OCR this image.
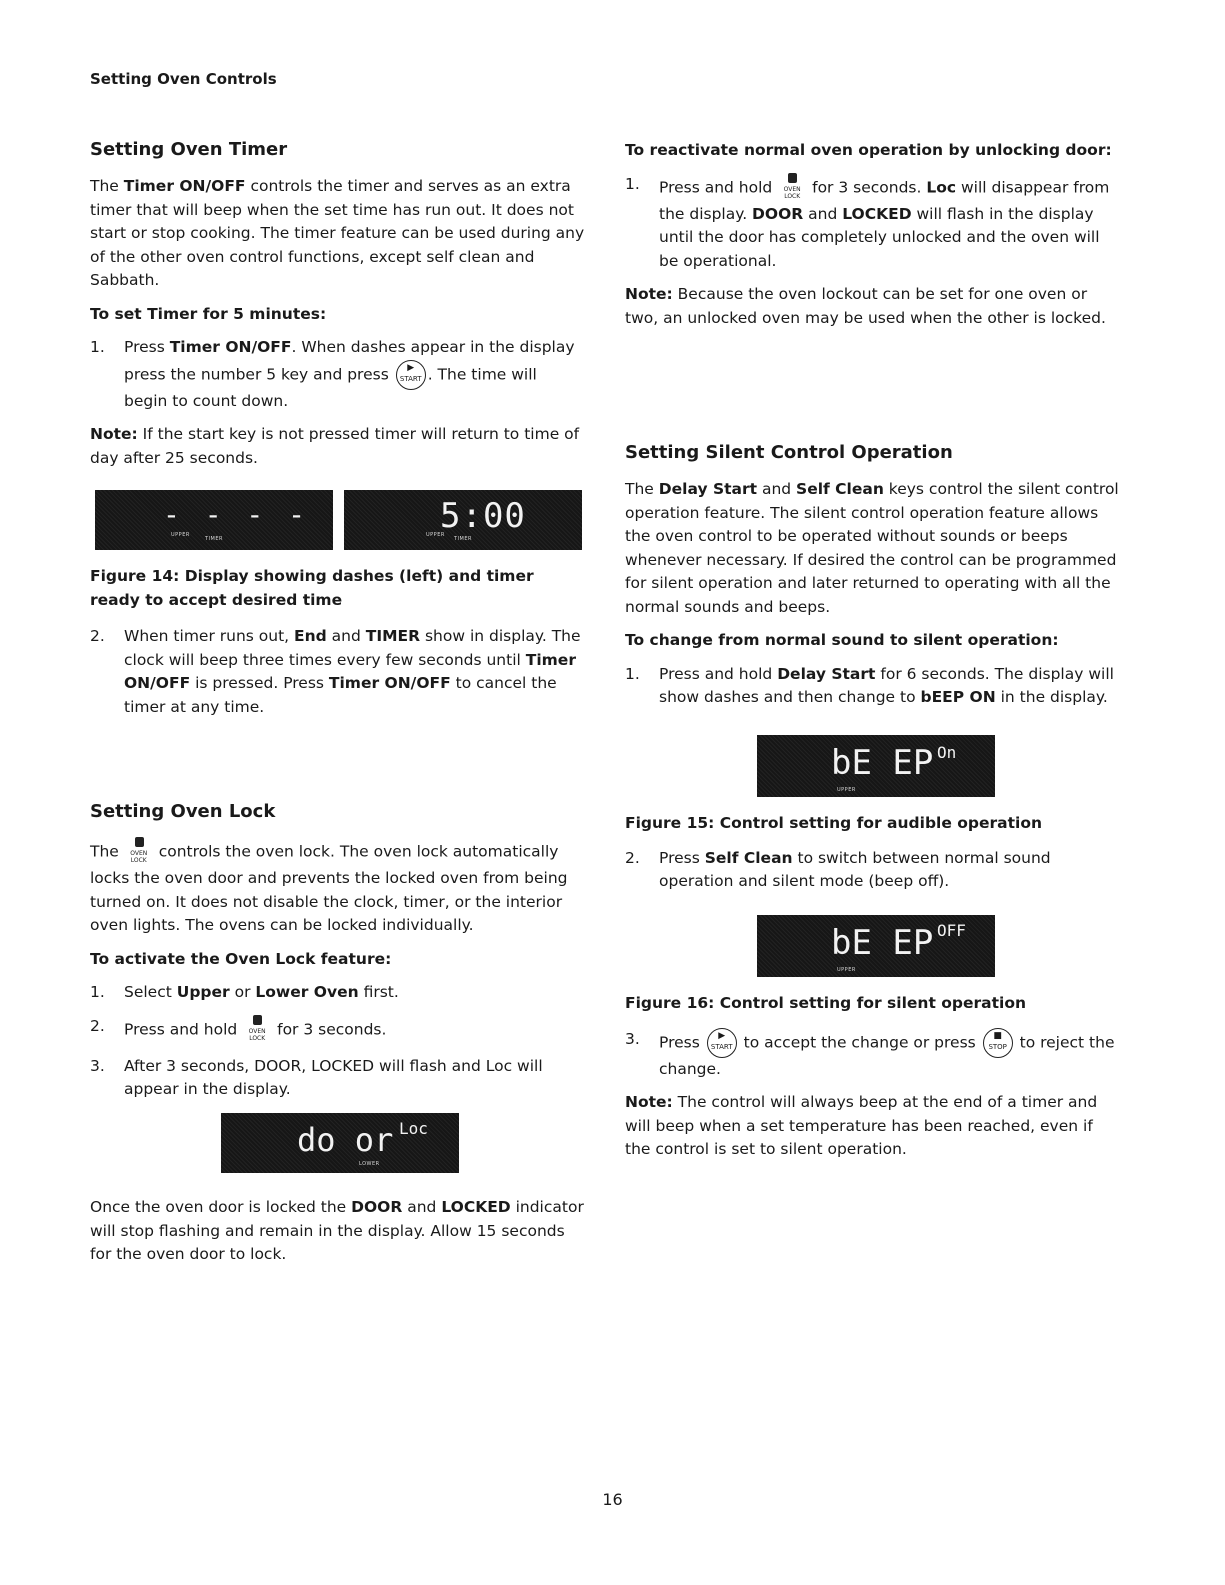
Setting Oven Controls
Setting Oven Timer

The Timer ON/OFF controls the timer and serves as an extra timer that will beep when the set time has run out. It does not start or stop cooking. The timer feature can be used during any of the other oven control functions, except self clean and Sabbath.

To set Timer for 5 minutes:

1.	Press Timer ON/OFF. When dashes appear in the display press the number 5 key and press	▶
START . The time will begin to count down.

Note: If the start key is not pressed timer will return to time of day after 25 seconds.

- - - -
UPPER
TIMER
5:00
UPPER
TIMER

Figure 14: Display showing dashes (left) and timer ready to accept desired time

2.	When timer runs out, End and TIMER show in display. The clock will beep three times every few seconds until Timer ON/OFF is pressed. Press Timer ON/OFF to cancel the timer at any time.
Setting Oven Lock

The	OVEN
LOCK controls the oven lock. The oven lock automatically locks the oven door and prevents the locked oven from being turned on. It does not disable the clock, timer, or the interior oven lights. The ovens can be locked individually.

To activate the Oven Lock feature:

1.	Select Upper or Lower Oven first.
2.	Press and hold	OVEN
LOCK for 3 seconds.
3.	After 3 seconds, DOOR, LOCKED will flash and Loc will appear in the display.
do or Loc
LOWER

Once the oven door is locked the DOOR and LOCKED indicator will stop flashing and remain in the display. Allow 15 seconds for the oven door to lock.

To reactivate normal oven operation by unlocking door:

1.	Press and hold	OVEN
LOCK for 3 seconds. Loc will disappear from the display. DOOR and LOCKED will flash in the display until the door has completely unlocked and the oven will be operational.

Note: Because the oven lockout can be set for one oven or two, an unlocked oven may be used when the other is locked.

Setting Silent Control Operation

The Delay Start and Self Clean keys control the silent control operation feature. The silent control operation feature allows the oven control to be operated without sounds or beeps whenever necessary. If desired the control can be programmed for silent operation and later returned to operating with all the normal sounds and beeps.

To change from normal sound to silent operation:

1.	Press and hold Delay Start for 6 seconds. The display will show dashes and then change to bEEP ON in the display.
bE EP On
UPPER

Figure 15: Control setting for audible operation

2.	Press Self Clean to switch between normal sound operation and silent mode (beep off).
bE EP OFF
UPPER

Figure 16: Control setting for silent operation

3.	Press	▶
START to accept the change or press	■
STOP to reject the change.

Note: The control will always beep at the end of a timer and will beep when a set temperature has been reached, even if the control is set to silent operation.

16
